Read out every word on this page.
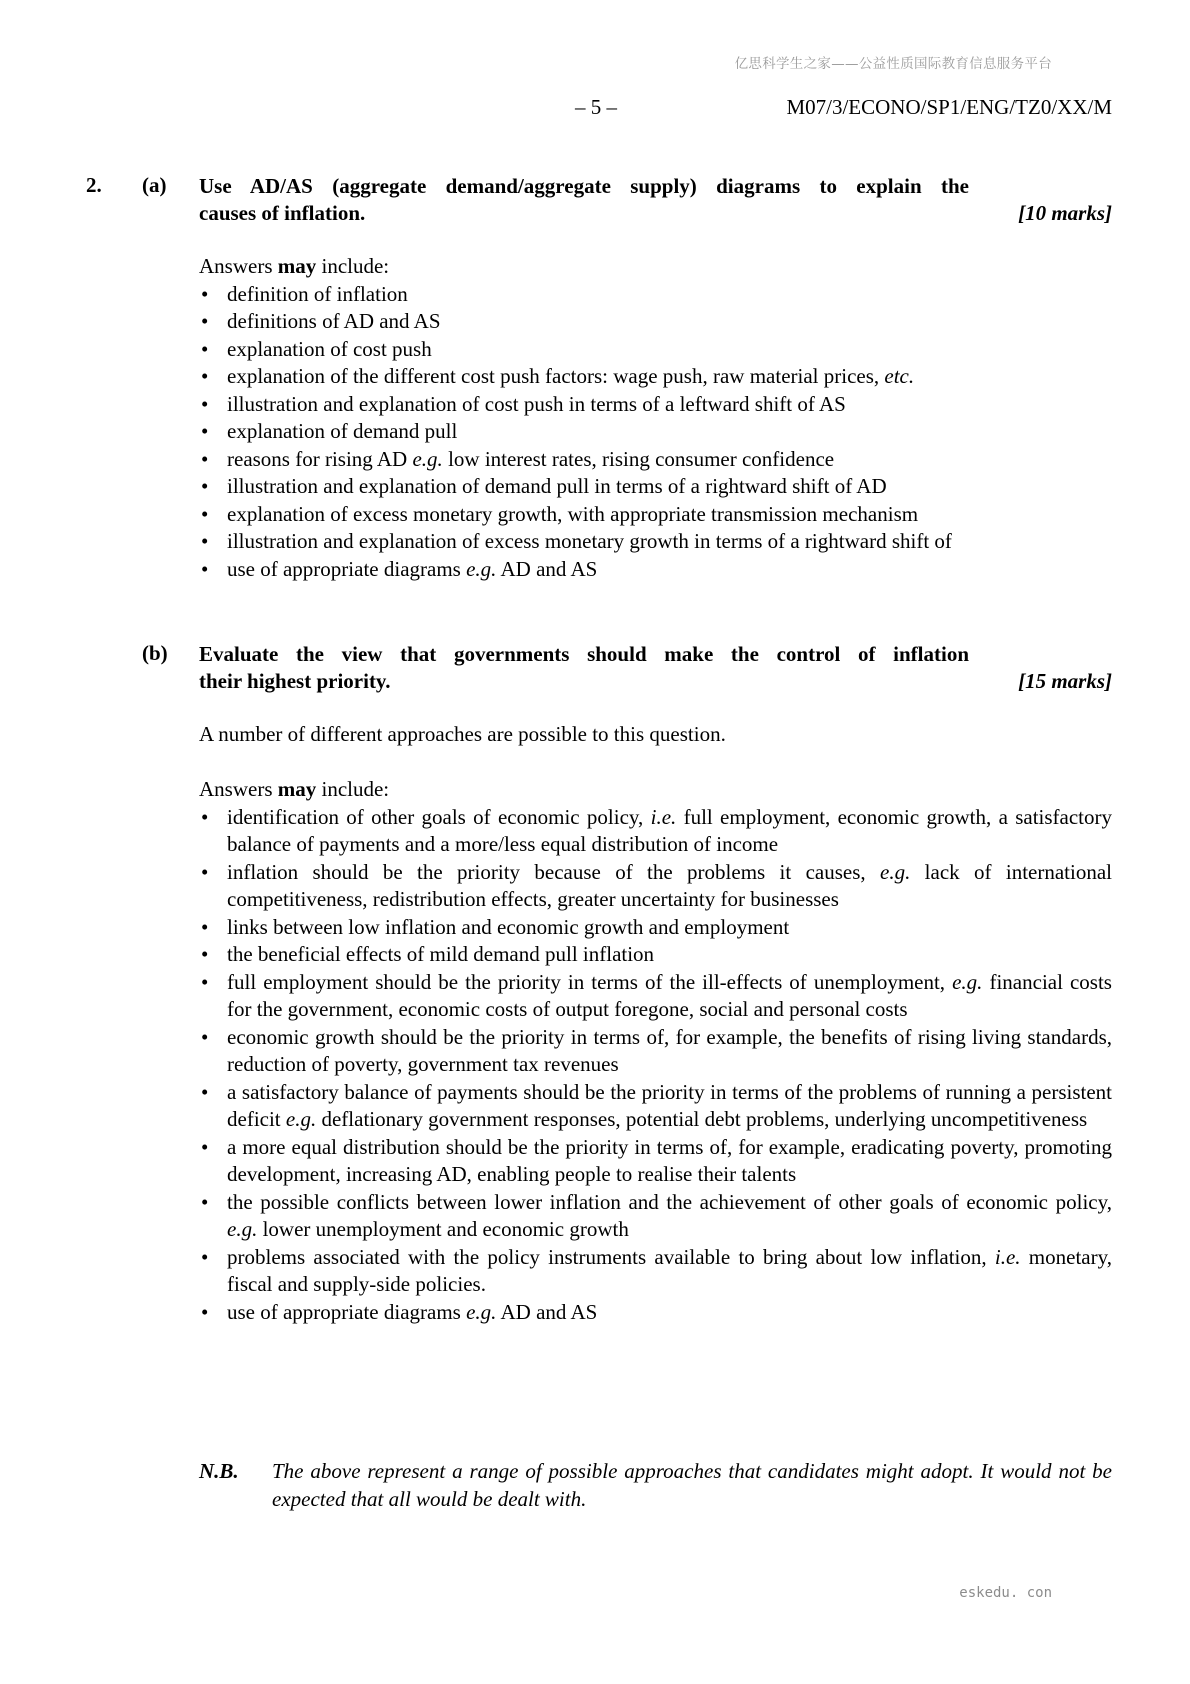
亿思科学生之家——公益性质国际教育信息服务平台
– 5 –	M07/3/ECONO/SP1/ENG/TZ0/XX/M
2. (a) Use AD/AS (aggregate demand/aggregate supply) diagrams to explain the
causes of inflation.	[10 marks]

Answers may include:

• definition of inflation
• definitions of AD and AS
• explanation of cost push
• explanation of the different cost push factors: wage push, raw material prices, etc.
• illustration and explanation of cost push in terms of a leftward shift of AS
• explanation of demand pull
• reasons for rising AD e.g. low interest rates, rising consumer confidence
• illustration and explanation of demand pull in terms of a rightward shift of AD
• explanation of excess monetary growth, with appropriate transmission mechanism
• illustration and explanation of excess monetary growth in terms of a rightward shift of
• use of appropriate diagrams e.g. AD and AS
(b) Evaluate the view that governments should make the control of inflation
their highest priority.	[15 marks]
A number of different approaches are possible to this question.

Answers may include:

• identification of other goals of economic policy, i.e. full employment, economic growth, a satisfactory balance of payments and a more/less equal distribution of income
• inflation should be the priority because of the problems it causes, e.g. lack of international competitiveness, redistribution effects, greater uncertainty for businesses
• links between low inflation and economic growth and employment
• the beneficial effects of mild demand pull inflation
• full employment should be the priority in terms of the ill-effects of unemployment, e.g. financial costs for the government, economic costs of output foregone, social and personal costs
• economic growth should be the priority in terms of, for example, the benefits of rising living standards, reduction of poverty, government tax revenues
• a satisfactory balance of payments should be the priority in terms of the problems of running a persistent deficit e.g. deflationary government responses, potential debt problems, underlying uncompetitiveness
• a more equal distribution should be the priority in terms of, for example, eradicating poverty, promoting development, increasing AD, enabling people to realise their talents
• the possible conflicts between lower inflation and the achievement of other goals of economic policy, e.g. lower unemployment and economic growth
• problems associated with the policy instruments available to bring about low inflation, i.e. monetary, fiscal and supply-side policies.
• use of appropriate diagrams e.g. AD and AS
N.B.	The above represent a range of possible approaches that candidates might adopt. It would not be expected that all would be dealt with.
eskedu. con
